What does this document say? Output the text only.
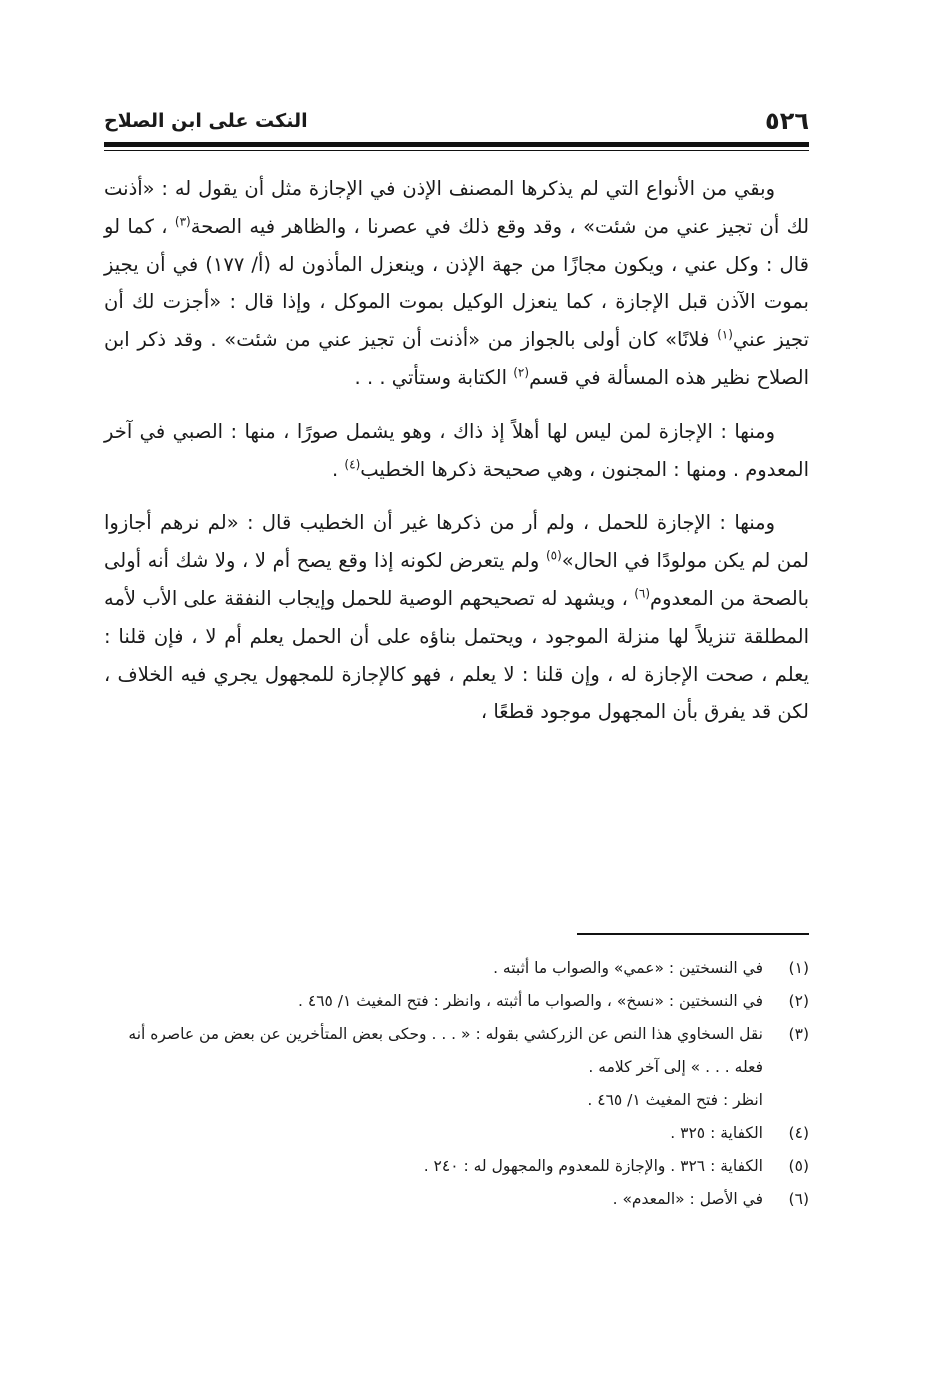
٥٢٦
النكت على ابن الصلاح

وبقي من الأنواع التي لم يذكرها المصنف الإذن في الإجازة مثل أن يقول له : «أذنت لك أن تجيز عني من شئت» ، وقد وقع ذلك في عصرنا ، والظاهر فيه الصحة$^{(٣)}$ ، كما لو قال : وكل عني ، ويكون مجازًا من جهة الإذن ، وينعزل المأذون له (أ/ ١٧٧) في أن يجيز بموت الآذن قبل الإجازة ، كما ينعزل الوكيل بموت الموكل ، وإذا قال : «أجزت لك أن تجيز عني$^{(١)}$ فلانًا» كان أولى بالجواز من «أذنت أن تجيز عني من شئت» . وقد ذكر ابن الصلاح نظير هذه المسألة في قسم$^{(٢)}$ الكتابة وستأتي . . .

ومنها : الإجازة لمن ليس لها أهلاً إذ ذاك ، وهو يشمل صورًا ، منها : الصبي في آخر المعدوم . ومنها : المجنون ، وهي صحيحة ذكرها الخطيب$^{(٤)}$ .

ومنها : الإجازة للحمل ، ولم أر من ذكرها غير أن الخطيب قال : «لم نرهم أجازوا لمن لم يكن مولودًا في الحال»$^{(٥)}$ ولم يتعرض لكونه إذا وقع يصح أم لا ، ولا شك أنه أولى بالصحة من المعدوم$^{(٦)}$ ، ويشهد له تصحيحهم الوصية للحمل وإيجاب النفقة على الأب لأمه المطلقة تنزيلاً لها منزلة الموجود ، ويحتمل بناؤه على أن الحمل يعلم أم لا ، فإن قلنا : يعلم ، صحت الإجازة له ، وإن قلنا : لا يعلم ، فهو كالإجازة للمجهول يجري فيه الخلاف ، لكن قد يفرق بأن المجهول موجود قطعًا ،

(١)
في النسختين : «عمي» والصواب ما أثبته .
(٢)
في النسختين : «نسخ» ، والصواب ما أثبته ، وانظر : فتح المغيث ١/ ٤٦٥ .
(٣)
نقل السخاوي هذا النص عن الزركشي بقوله : « . . . وحكى بعض المتأخرين عن بعض من عاصره أنه فعله . . . » إلى آخر كلامه .
انظر : فتح المغيث ١/ ٤٦٥ .
(٤)
الكفاية : ٣٢٥ .
(٥)
الكفاية : ٣٢٦ . والإجازة للمعدوم والمجهول له : ٢٤٠ .
(٦)
في الأصل : «المعدم» .
